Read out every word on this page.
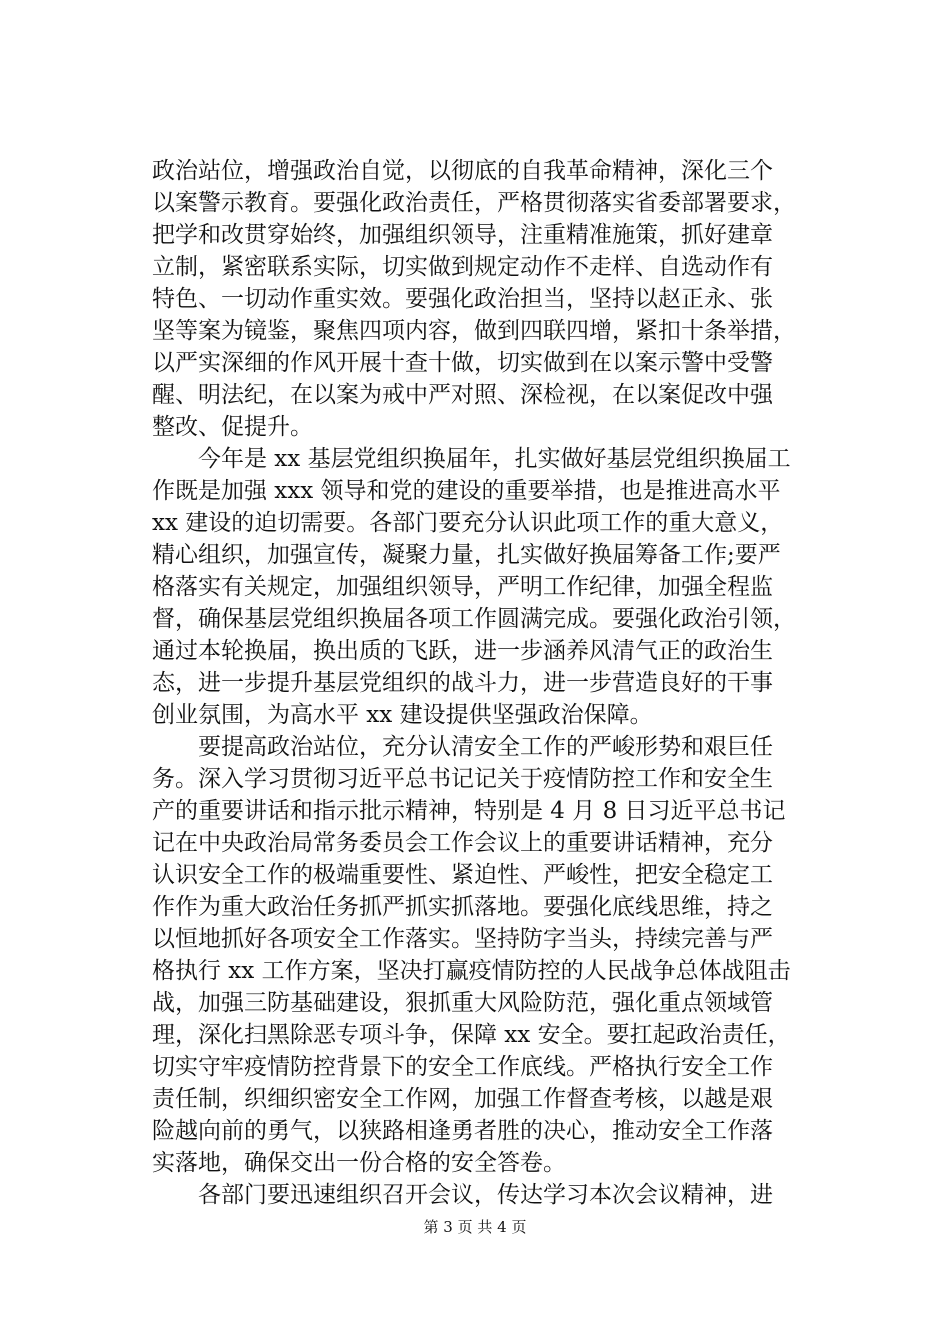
政治站位，增强政治自觉，以彻底的自我革命精神，深化三个
以案警示教育。要强化政治责任，严格贯彻落实省委部署要求，
把学和改贯穿始终，加强组织领导，注重精准施策，抓好建章
立制，紧密联系实际，切实做到规定动作不走样、自选动作有
特色、一切动作重实效。要强化政治担当，坚持以赵正永、张
坚等案为镜鉴，聚焦四项内容，做到四联四增，紧扣十条举措，
以严实深细的作风开展十查十做，切实做到在以案示警中受警
醒、明法纪，在以案为戒中严对照、深检视，在以案促改中强
整改、促提升。
　　今年是 xx 基层党组织换届年，扎实做好基层党组织换届工
作既是加强 xxx 领导和党的建设的重要举措，也是推进高水平
xx 建设的迫切需要。各部门要充分认识此项工作的重大意义，
精心组织，加强宣传，凝聚力量，扎实做好换届筹备工作;要严
格落实有关规定，加强组织领导，严明工作纪律，加强全程监
督，确保基层党组织换届各项工作圆满完成。要强化政治引领，
通过本轮换届，换出质的飞跃，进一步涵养风清气正的政治生
态，进一步提升基层党组织的战斗力，进一步营造良好的干事
创业氛围，为高水平 xx 建设提供坚强政治保障。
　　要提高政治站位，充分认清安全工作的严峻形势和艰巨任
务。深入学习贯彻习近平总书记记关于疫情防控工作和安全生
产的重要讲话和指示批示精神，特别是 4 月 8 日习近平总书记
记在中央政治局常务委员会工作会议上的重要讲话精神，充分
认识安全工作的极端重要性、紧迫性、严峻性，把安全稳定工
作作为重大政治任务抓严抓实抓落地。要强化底线思维，持之
以恒地抓好各项安全工作落实。坚持防字当头，持续完善与严
格执行 xx 工作方案，坚决打赢疫情防控的人民战争总体战阻击
战，加强三防基础建设，狠抓重大风险防范，强化重点领域管
理，深化扫黑除恶专项斗争，保障 xx 安全。要扛起政治责任，
切实守牢疫情防控背景下的安全工作底线。严格执行安全工作
责任制，织细织密安全工作网，加强工作督查考核，以越是艰
险越向前的勇气，以狭路相逢勇者胜的决心，推动安全工作落
实落地，确保交出一份合格的安全答卷。
　　各部门要迅速组织召开会议，传达学习本次会议精神，进
第 3 页 共 4 页
